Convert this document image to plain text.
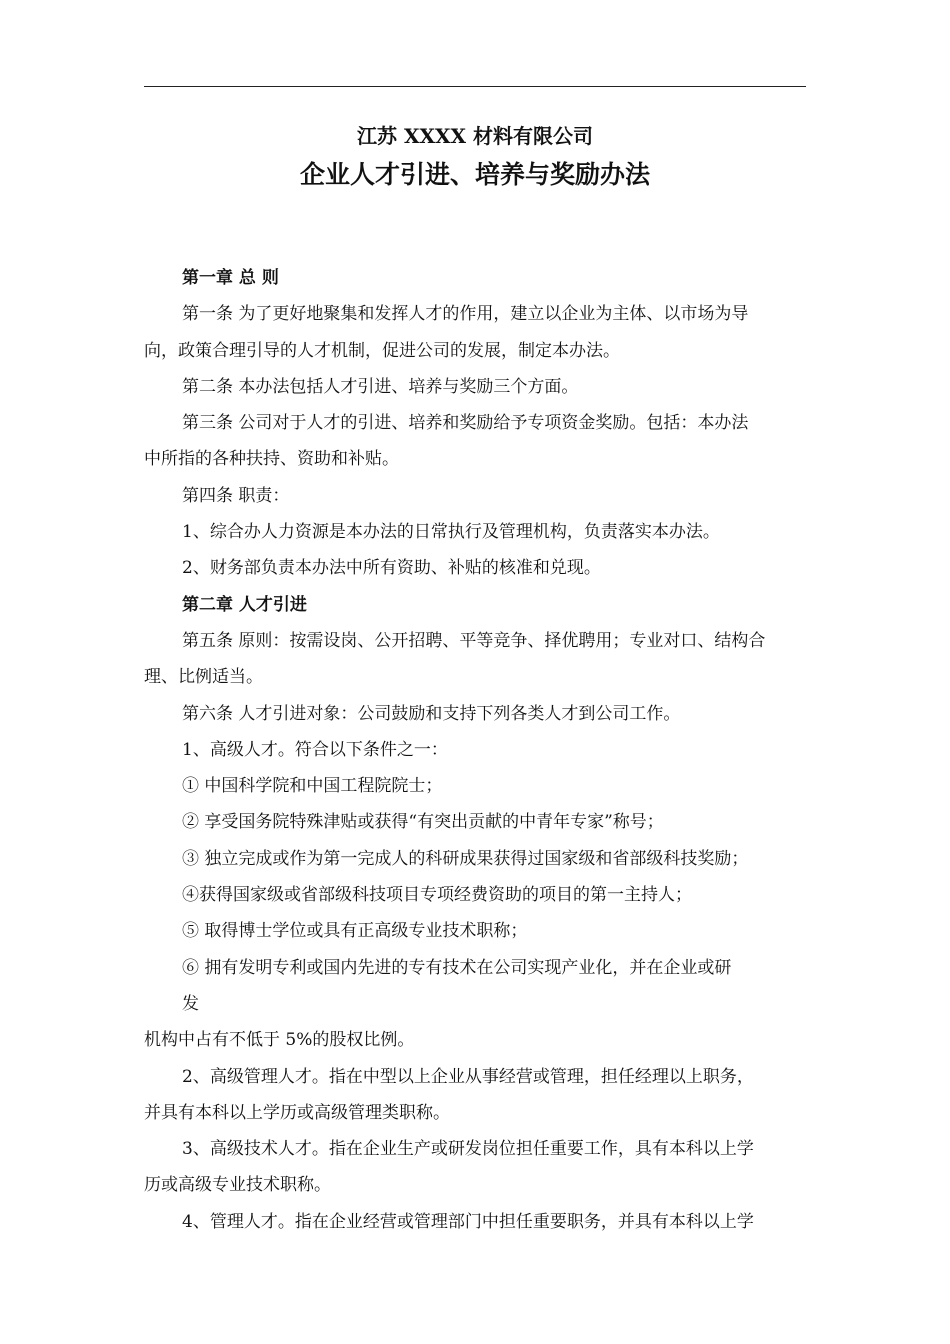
江苏 XXXX 材料有限公司
企业人才引进、培养与奖励办法
第一章 总 则
第一条 为了更好地聚集和发挥人才的作用，建立以企业为主体、以市场为导
向，政策合理引导的人才机制，促进公司的发展，制定本办法。
第二条 本办法包括人才引进、培养与奖励三个方面。
第三条 公司对于人才的引进、培养和奖励给予专项资金奖励。包括：本办法
中所指的各种扶持、资助和补贴。
第四条 职责：
1、综合办人力资源是本办法的日常执行及管理机构，负责落实本办法。
2、财务部负责本办法中所有资助、补贴的核准和兑现。
第二章 人才引进
第五条 原则：按需设岗、公开招聘、平等竞争、择优聘用；专业对口、结构合
理、比例适当。
第六条 人才引进对象：公司鼓励和支持下列各类人才到公司工作。
1、高级人才。符合以下条件之一：
① 中国科学院和中国工程院院士；
② 享受国务院特殊津贴或获得“有突出贡献的中青年专家”称号；
③ 独立完成或作为第一完成人的科研成果获得过国家级和省部级科技奖励；
④获得国家级或省部级科技项目专项经费资助的项目的第一主持人；
⑤ 取得博士学位或具有正高级专业技术职称；
⑥ 拥有发明专利或国内先进的专有技术在公司实现产业化，并在企业或研
发
机构中占有不低于 5%的股权比例。
2、高级管理人才。指在中型以上企业从事经营或管理，担任经理以上职务，
并具有本科以上学历或高级管理类职称。
3、高级技术人才。指在企业生产或研发岗位担任重要工作，具有本科以上学
历或高级专业技术职称。
4、管理人才。指在企业经营或管理部门中担任重要职务，并具有本科以上学
